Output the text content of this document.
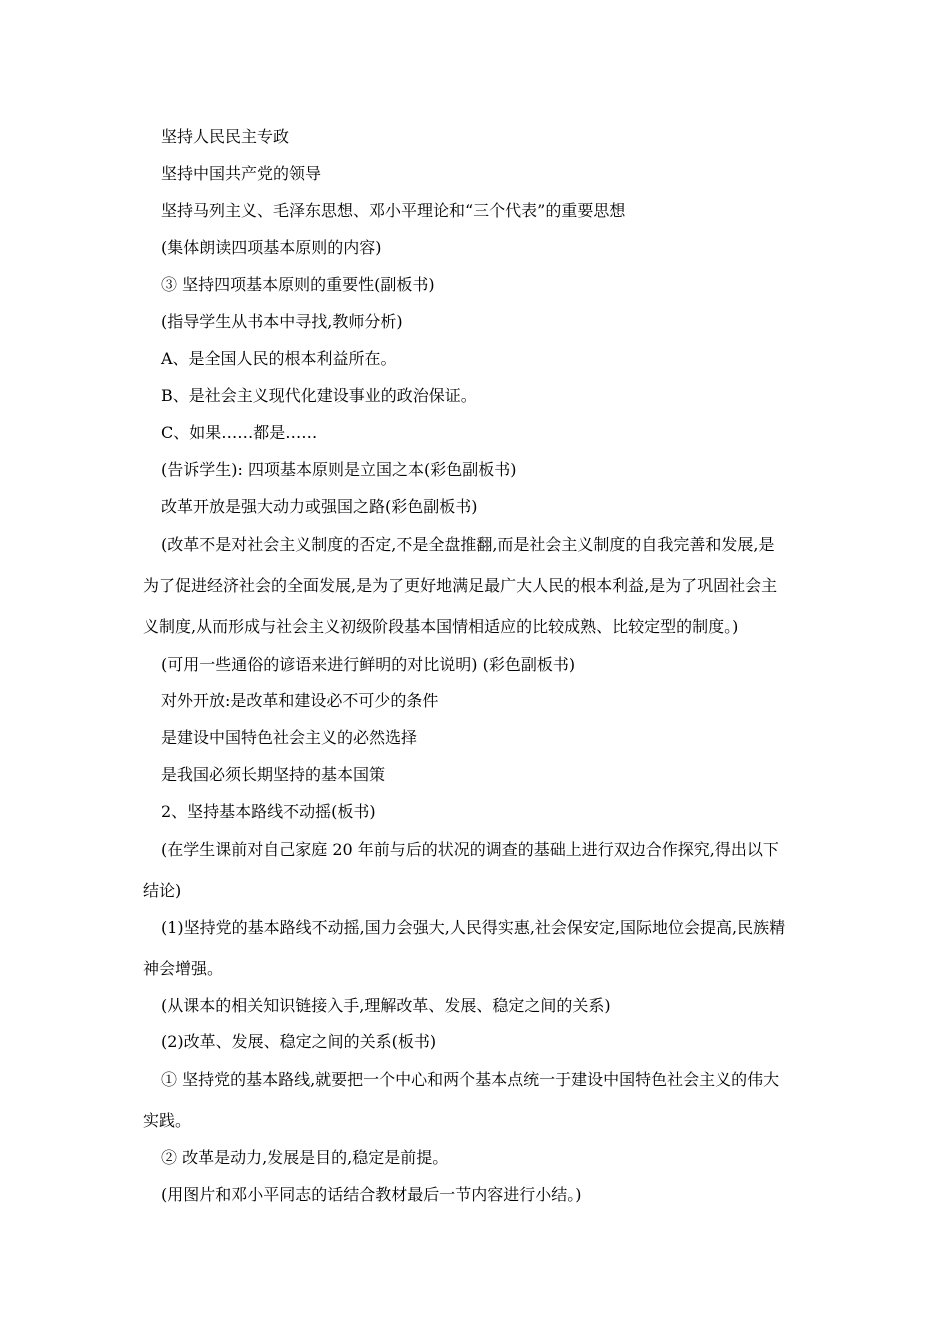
坚持人民民主专政
坚持中国共产党的领导
坚持马列主义、毛泽东思想、邓小平理论和“三个代表”的重要思想
(集体朗读四项基本原则的内容)
③ 坚持四项基本原则的重要性(副板书)
(指导学生从书本中寻找,教师分析)
A、是全国人民的根本利益所在。
B、是社会主义现代化建设事业的政治保证。
C、如果……都是……
(告诉学生): 四项基本原则是立国之本(彩色副板书)
改革开放是强大动力或强国之路(彩色副板书)
(改革不是对社会主义制度的否定,不是全盘推翻,而是社会主义制度的自我完善和发展,是
为了促进经济社会的全面发展,是为了更好地满足最广大人民的根本利益,是为了巩固社会主
义制度,从而形成与社会主义初级阶段基本国情相适应的比较成熟、比较定型的制度。)
(可用一些通俗的谚语来进行鲜明的对比说明) (彩色副板书)
对外开放:是改革和建设必不可少的条件
是建设中国特色社会主义的必然选择
是我国必须长期坚持的基本国策
2、坚持基本路线不动摇(板书)
(在学生课前对自己家庭 20 年前与后的状况的调查的基础上进行双边合作探究,得出以下
结论)
(1)坚持党的基本路线不动摇,国力会强大,人民得实惠,社会保安定,国际地位会提高,民族精
神会增强。
(从课本的相关知识链接入手,理解改革、发展、稳定之间的关系)
(2)改革、发展、稳定之间的关系(板书)
① 坚持党的基本路线,就要把一个中心和两个基本点统一于建设中国特色社会主义的伟大
实践。
② 改革是动力,发展是目的,稳定是前提。
(用图片和邓小平同志的话结合教材最后一节内容进行小结。)
